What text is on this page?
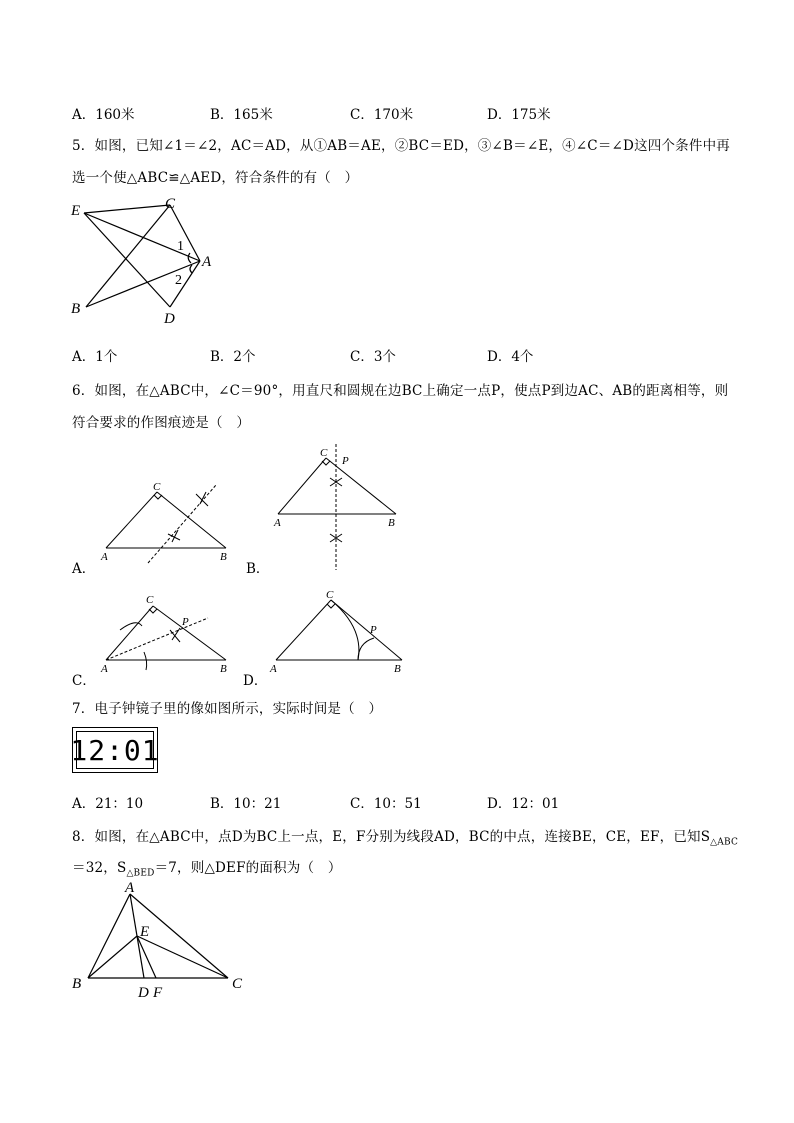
A．160米	B．165米	C．170米	D．175米
5．如图，已知∠1＝∠2，AC＝AD，从①AB＝AE，②BC＝ED，③∠B＝∠E，④∠C＝∠D这四个条件中再
选一个使△ABC≌△AED，符合条件的有（　）
E	C
A
B
D
1
2
A．1个	B．2个	C．3个	D．4个
6．如图，在△ABC中，∠C＝90°，用直尺和圆规在边BC上确定一点P，使点P到边AC、AB的距离相等，则
符合要求的作图痕迹是（　）
C
A	B
A．
C
P
A	B
B．
C
P
A	B
C．
C
P
A	B
D．
7．电子钟镜子里的像如图所示，实际时间是（　）
12:01
A．21：10	B．10：21	C．10：51	D．12：01
8．如图，在△ABC中，点D为BC上一点，E，F分别为线段AD，BC的中点，连接BE，CE，EF，已知$S_{\triangle ABC}$
＝32，$S_{\triangle BED}=7$，则△DEF的面积为（　）
A
E
B
D F
C
